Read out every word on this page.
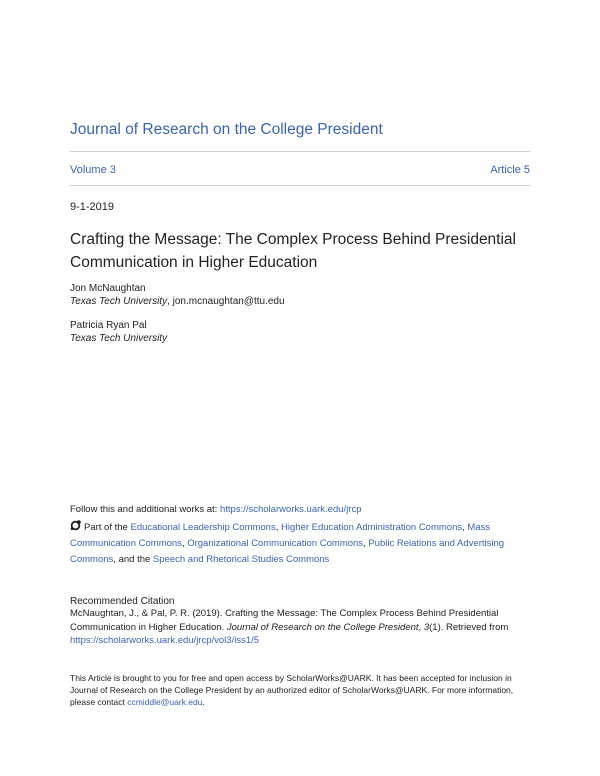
Journal of Research on the College President
Volume 3	Article 5
9-1-2019
Crafting the Message: The Complex Process Behind Presidential
Communication in Higher Education
Jon McNaughtan
Texas Tech University, jon.mcnaughtan@ttu.edu
Patricia Ryan Pal
Texas Tech University
Follow this and additional works at: https://scholarworks.uark.edu/jrcp
Part of the Educational Leadership Commons, Higher Education Administration Commons, Mass Communication Commons, Organizational Communication Commons, Public Relations and Advertising Commons, and the Speech and Rhetorical Studies Commons
Recommended Citation
McNaughtan, J., & Pal, P. R. (2019). Crafting the Message: The Complex Process Behind Presidential Communication in Higher Education. Journal of Research on the College President, 3(1). Retrieved from https://scholarworks.uark.edu/jrcp/vol3/iss1/5
This Article is brought to you for free and open access by ScholarWorks@UARK. It has been accepted for inclusion in Journal of Research on the College President by an authorized editor of ScholarWorks@UARK. For more information, please contact ccmiddle@uark.edu.
